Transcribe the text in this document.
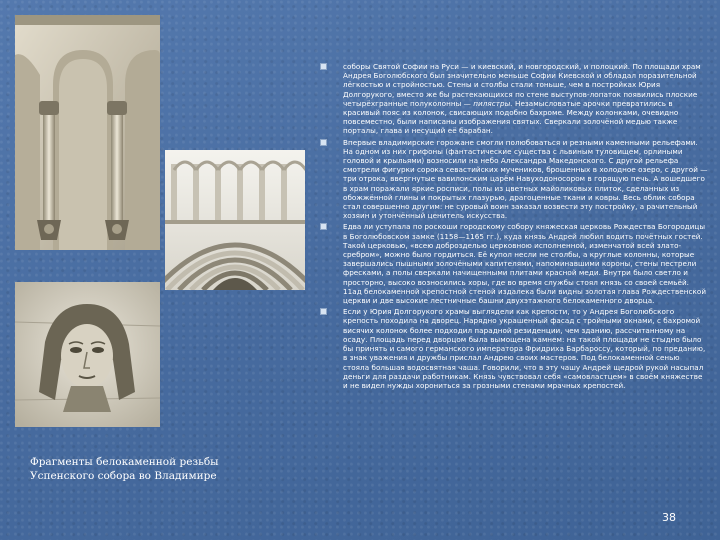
Фрагменты белокаменной резьбы Успенского собора во Владимире

соборы Святой Софии на Руси — и киевский, и новгородский, и полоцкий. По площади храм Андрея Боголюбского был значительно меньше Софии Киевской и обладал поразительной лёгкостью и стройностью. Стены и столбы стали тоньше, чем в постройках Юрия Долгорукого, вместо же бы растекающихся по стене выступов-лопаток появились плоские четырёхгранные полуколонны — пилястры. Незамысловатые арочки превратились в красивый пояс из колонок, свисающих подобно бахроме. Между колонками, очевидно повсеместно, были написаны изображения святых. Сверкали золочёной медью также порталы, глава и несущий её барабан.
Впервые владимирские горожане смогли полюбоваться и резными каменными рельефами. На одном из них грифоны (фантастические существа с львиным туловищем, орлиными головой и крыльями) возносили на небо Александра Македонского. С другой рельефа смотрели фигурки сорока севастийских мучеников, брошенных в холодное озеро, с другой — три отрока, ввергнутые вавилонским царём Навуходоносором в горящую печь. А вошедшего в храм поражали яркие росписи, полы из цветных майоликовых плиток, сделанных из обожжённой глины и покрытых глазурью, драгоценные ткани и ковры. Весь облик собора стал совершенно другим: не суровый воин заказал возвести эту постройку, а рачительный хозяин и утончённый ценитель искусства.
Едва ли уступала по роскоши городскому собору княжеская церковь Рождества Богородицы в Боголюбовском замке (1158—1165 гг.), куда князь Андрей любил водить почётных гостей. Такой церковью, «всею доброзделью церковною исполненной, изменчатой всей злато-сребром», можно было гордиться. Её купол несли не столбы, а круглые колонны, которые завершались пышными золочёными капителями, напоминавшими короны, стены пестрели фресками, а полы сверкали начищенными плитами красной меди. Внутри было светло и просторно, высоко возносились хоры, где во время службы стоял князь со своей семьёй. 11ад белокаменной крепостной стеной издалека были видны золотая глава Рождественской церкви и две высокие лестничные башни двухэтажного белокаменного дворца.
Если у Юрия Долгорукого храмы выглядели как крепости, то у Андрея Боголюбского крепость походила на дворец. Нарядно украшенный фасад с тройными окнами, с бахромой висячих колонок более подходил парадной резиденции, чем зданию, рассчитанному на осаду. Площадь перед дворцом была вымощена камнем: на такой площади не стыдно было бы принять и самого германского императора Фридриха Барбароссу, который, по преданию, в знак уважения и дружбы прислал Андрею своих мастеров. Под белокаменной сенью стояла большая водосвятная чаша. Говорили, что в эту чашу Андрей щедрой рукой насыпал деньги для раздачи работникам. Князь чувствовал себя «самовластцем» в своём княжестве и не видел нужды хорониться за грозными стенами мрачных крепостей.
38
